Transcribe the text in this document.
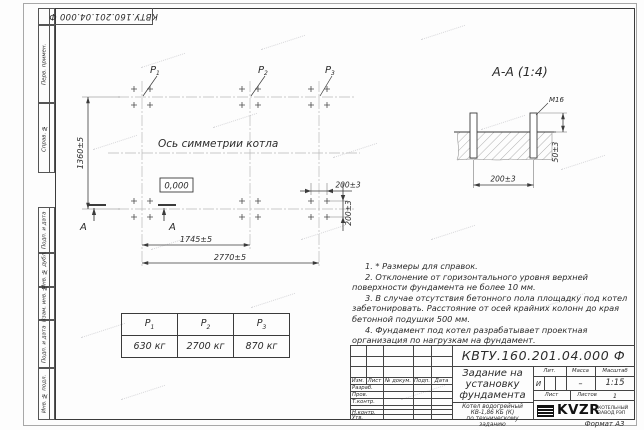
Перв. примен.
Справ. №
Подп. и дата
Инв. № дубл.
Взам. инв. №
Подп. и дата
Инв. № подл.
КВТУ.160.201.04.000 Ф
1360±5
1745±5
2770±5
200±3
200±3
Ось симметрии котла
0,000
$Р_1$	$Р_2$	$Р_3$
А	А
А-А (1:4)
М16
50±3
200±3

1. * Размеры для справок.

2. Отклонение от горизонтального уровня верхней поверхности фундамента не более 10 мм.

3. В случае отсутствия бетонного пола площадку под котел забетонировать. Расстояние от осей крайних колонн до края бетонной подушки 500 мм.

4. Фундамент под котел разрабатывает проектная организация по нагрузкам на фундамент.

$Р_1$	$Р_2$	$Р_3$
630 кг	2700 кг	870 кг
КВТУ.160.201.04.000 Ф
Задание на установку фундамента
Котел водогрейный
КВ-1,86 КБ (К)
по техническому заданию
Изм. Лист № докум. Подп. Дата
Разраб.
Пров.
Т.контр.
Н.контр.
Утв.
Лит.	Масса	Масштаб
И	–	1:15
Лист	Листов	1
KVZR
КОТЕЛЬНЫЙ
ЗАВОД РЭП
Формат А3
